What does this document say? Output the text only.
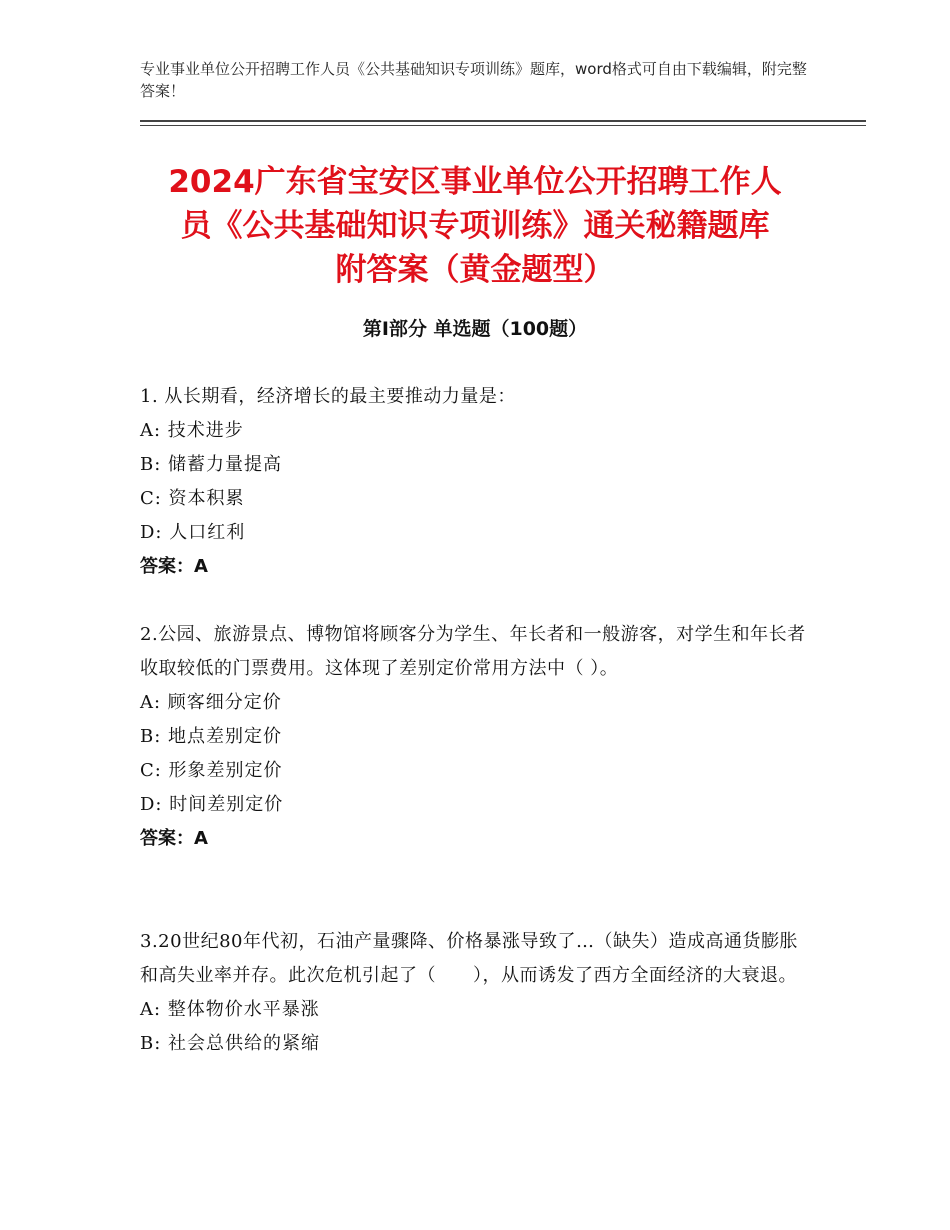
专业事业单位公开招聘工作人员《公共基础知识专项训练》题库，word格式可自由下载编辑，附完整答案！
2024广东省宝安区事业单位公开招聘工作人
员《公共基础知识专项训练》通关秘籍题库
附答案（黄金题型）
第I部分 单选题（100题）
1. 从长期看，经济增长的最主要推动力量是：
A: 技术进步
B: 储蓄力量提高
C: 资本积累
D: 人口红利
答案：A
2.公园、旅游景点、博物馆将顾客分为学生、年长者和一般游客，对学生和年长者收取较低的门票费用。这体现了差别定价常用方法中（ ）。
A: 顾客细分定价
B: 地点差别定价
C: 形象差别定价
D: 时间差别定价
答案：A
3.20世纪80年代初，石油产量骤降、价格暴涨导致了…（缺失）造成高通货膨胀和高失业率并存。此次危机引起了（　　），从而诱发了西方全面经济的大衰退。
A: 整体物价水平暴涨
B: 社会总供给的紧缩
